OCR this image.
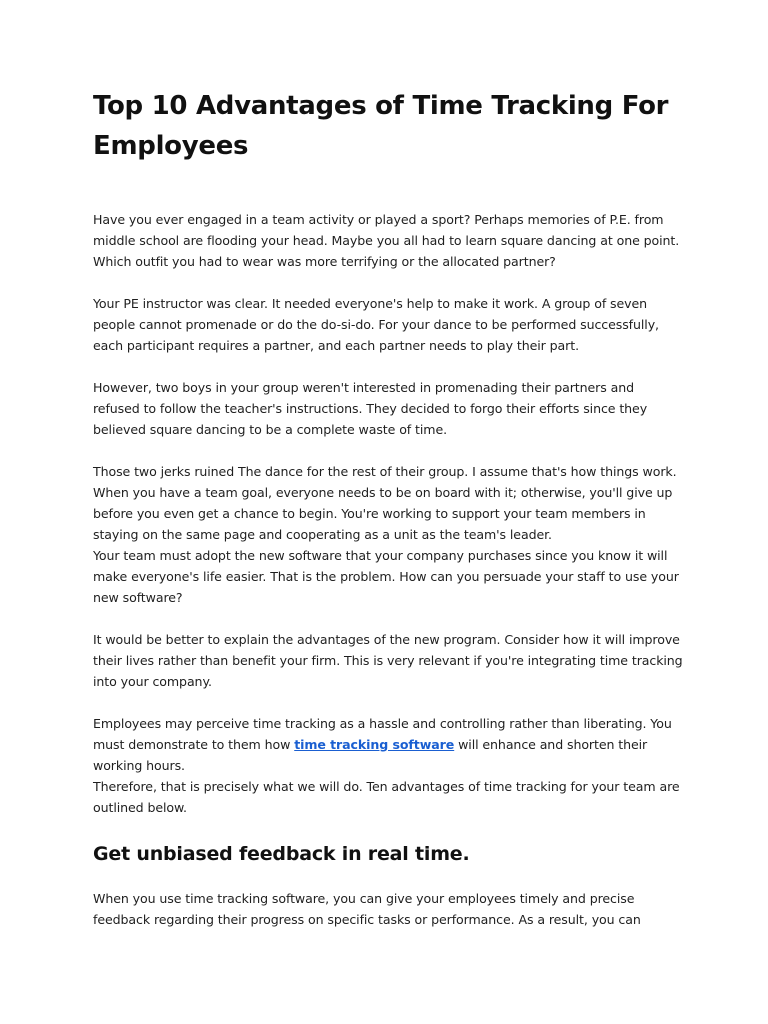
Top 10 Advantages of Time Tracking For Employees

Have you ever engaged in a team activity or played a sport? Perhaps memories of P.E. from middle school are flooding your head. Maybe you all had to learn square dancing at one point. Which outfit you had to wear was more terrifying or the allocated partner?

Your PE instructor was clear. It needed everyone's help to make it work. A group of seven people cannot promenade or do the do-si-do. For your dance to be performed successfully, each participant requires a partner, and each partner needs to play their part.

However, two boys in your group weren't interested in promenading their partners and refused to follow the teacher's instructions. They decided to forgo their efforts since they believed square dancing to be a complete waste of time.

Those two jerks ruined The dance for the rest of their group. I assume that's how things work. When you have a team goal, everyone needs to be on board with it; otherwise, you'll give up before you even get a chance to begin. You're working to support your team members in staying on the same page and cooperating as a unit as the team's leader.

Your team must adopt the new software that your company purchases since you know it will make everyone's life easier. That is the problem. How can you persuade your staff to use your new software?

It would be better to explain the advantages of the new program. Consider how it will improve their lives rather than benefit your firm. This is very relevant if you're integrating time tracking into your company.

Employees may perceive time tracking as a hassle and controlling rather than liberating. You must demonstrate to them how time tracking software will enhance and shorten their working hours.

Therefore, that is precisely what we will do. Ten advantages of time tracking for your team are outlined below.

Get unbiased feedback in real time.

When you use time tracking software, you can give your employees timely and precise feedback regarding their progress on specific tasks or performance. As a result, you can
